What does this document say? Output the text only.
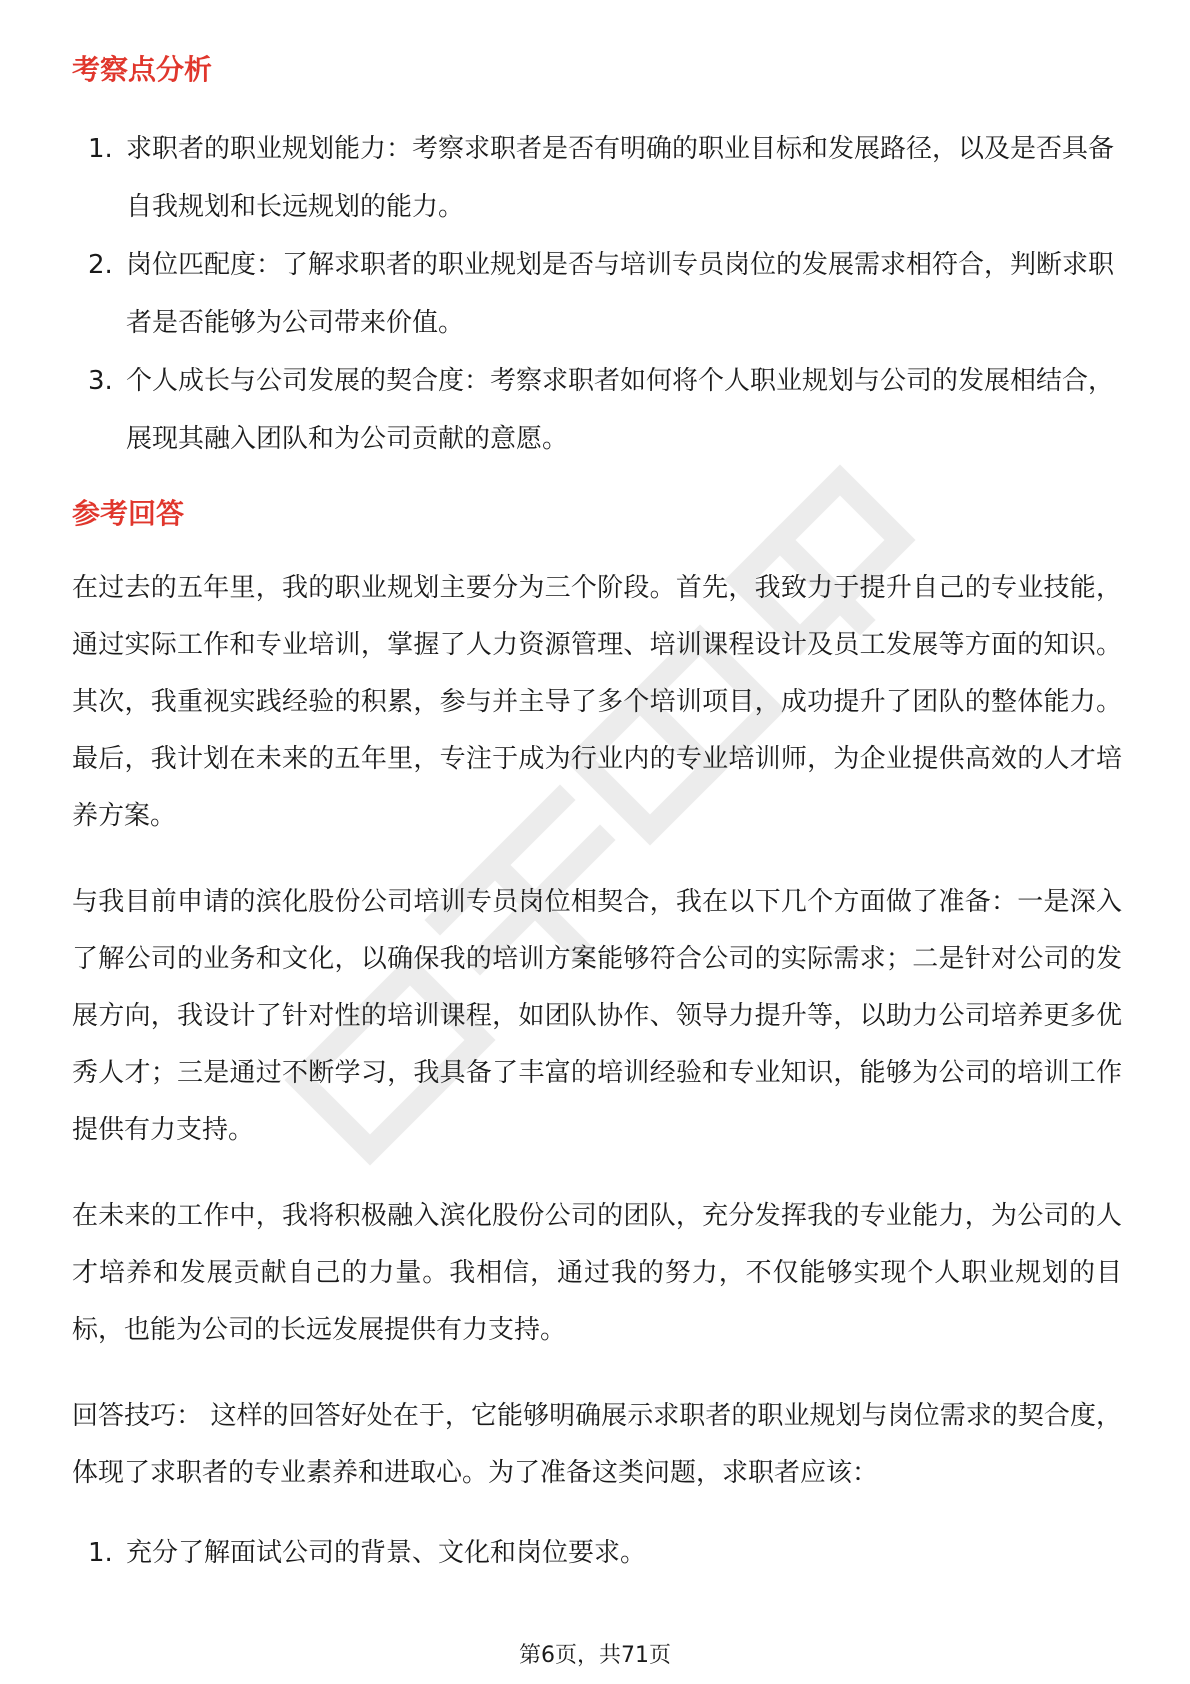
考察点分析
1. 求职者的职业规划能力：考察求职者是否有明确的职业目标和发展路径，以及是否具备自我规划和长远规划的能力。
2. 岗位匹配度：了解求职者的职业规划是否与培训专员岗位的发展需求相符合，判断求职者是否能够为公司带来价值。
3. 个人成长与公司发展的契合度：考察求职者如何将个人职业规划与公司的发展相结合，展现其融入团队和为公司贡献的意愿。
参考回答

在过去的五年里，我的职业规划主要分为三个阶段。首先，我致力于提升自己的专业技能，通过实际工作和专业培训，掌握了人力资源管理、培训课程设计及员工发展等方面的知识。其次，我重视实践经验的积累，参与并主导了多个培训项目，成功提升了团队的整体能力。最后，我计划在未来的五年里，专注于成为行业内的专业培训师，为企业提供高效的人才培养方案。

与我目前申请的滨化股份公司培训专员岗位相契合，我在以下几个方面做了准备：一是深入了解公司的业务和文化，以确保我的培训方案能够符合公司的实际需求；二是针对公司的发展方向，我设计了针对性的培训课程，如团队协作、领导力提升等，以助力公司培养更多优秀人才；三是通过不断学习，我具备了丰富的培训经验和专业知识，能够为公司的培训工作提供有力支持。

在未来的工作中，我将积极融入滨化股份公司的团队，充分发挥我的专业能力，为公司的人才培养和发展贡献自己的力量。我相信，通过我的努力，不仅能够实现个人职业规划的目标，也能为公司的长远发展提供有力支持。

回答技巧： 这样的回答好处在于，它能够明确展示求职者的职业规划与岗位需求的契合度，体现了求职者的专业素养和进取心。为了准备这类问题，求职者应该：

1. 充分了解面试公司的背景、文化和岗位要求。
第6页，共71页
